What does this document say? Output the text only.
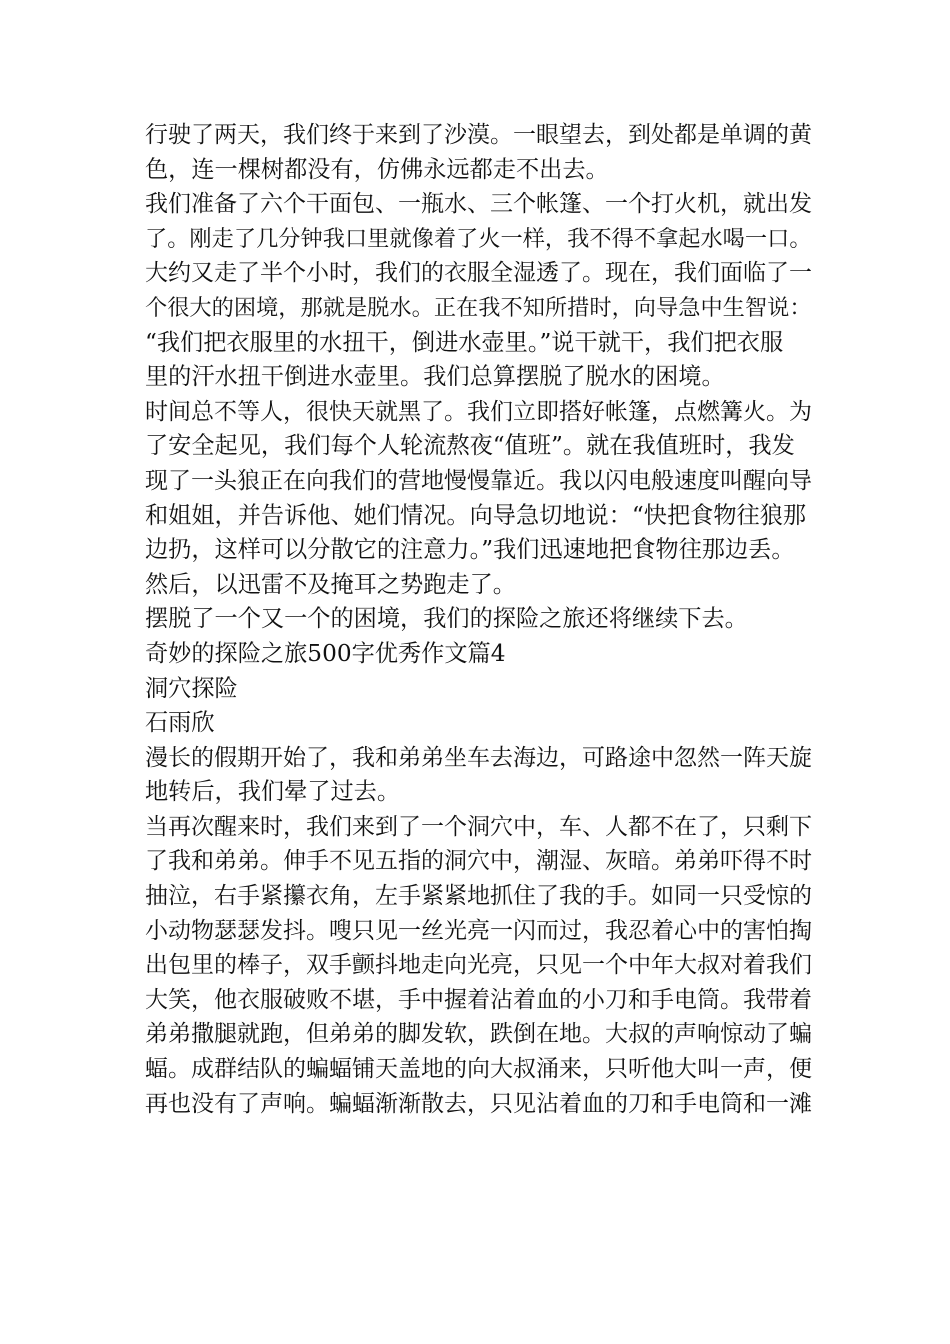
行驶了两天，我们终于来到了沙漠。一眼望去，到处都是单调的黄
色，连一棵树都没有，仿佛永远都走不出去。
我们准备了六个干面包、一瓶水、三个帐篷、一个打火机，就出发
了。刚走了几分钟我口里就像着了火一样，我不得不拿起水喝一口。
大约又走了半个小时，我们的衣服全湿透了。现在，我们面临了一
个很大的困境，那就是脱水。正在我不知所措时，向导急中生智说：
“我们把衣服里的水扭干，倒进水壶里。”说干就干，我们把衣服
里的汗水扭干倒进水壶里。我们总算摆脱了脱水的困境。
时间总不等人，很快天就黑了。我们立即搭好帐篷，点燃篝火。为
了安全起见，我们每个人轮流熬夜“值班”。就在我值班时，我发
现了一头狼正在向我们的营地慢慢靠近。我以闪电般速度叫醒向导
和姐姐，并告诉他、她们情况。向导急切地说：“快把食物往狼那
边扔，这样可以分散它的注意力。”我们迅速地把食物往那边丢。
然后，以迅雷不及掩耳之势跑走了。
摆脱了一个又一个的困境，我们的探险之旅还将继续下去。
奇妙的探险之旅500字优秀作文篇4
洞穴探险
石雨欣
漫长的假期开始了，我和弟弟坐车去海边，可路途中忽然一阵天旋
地转后，我们晕了过去。
当再次醒来时，我们来到了一个洞穴中，车、人都不在了，只剩下
了我和弟弟。伸手不见五指的洞穴中，潮湿、灰暗。弟弟吓得不时
抽泣，右手紧攥衣角，左手紧紧地抓住了我的手。如同一只受惊的
小动物瑟瑟发抖。嗖只见一丝光亮一闪而过，我忍着心中的害怕掏
出包里的棒子，双手颤抖地走向光亮，只见一个中年大叔对着我们
大笑，他衣服破败不堪，手中握着沾着血的小刀和手电筒。我带着
弟弟撒腿就跑，但弟弟的脚发软，跌倒在地。大叔的声响惊动了蝙
蝠。成群结队的蝙蝠铺天盖地的向大叔涌来，只听他大叫一声，便
再也没有了声响。蝙蝠渐渐散去，只见沾着血的刀和手电筒和一滩
